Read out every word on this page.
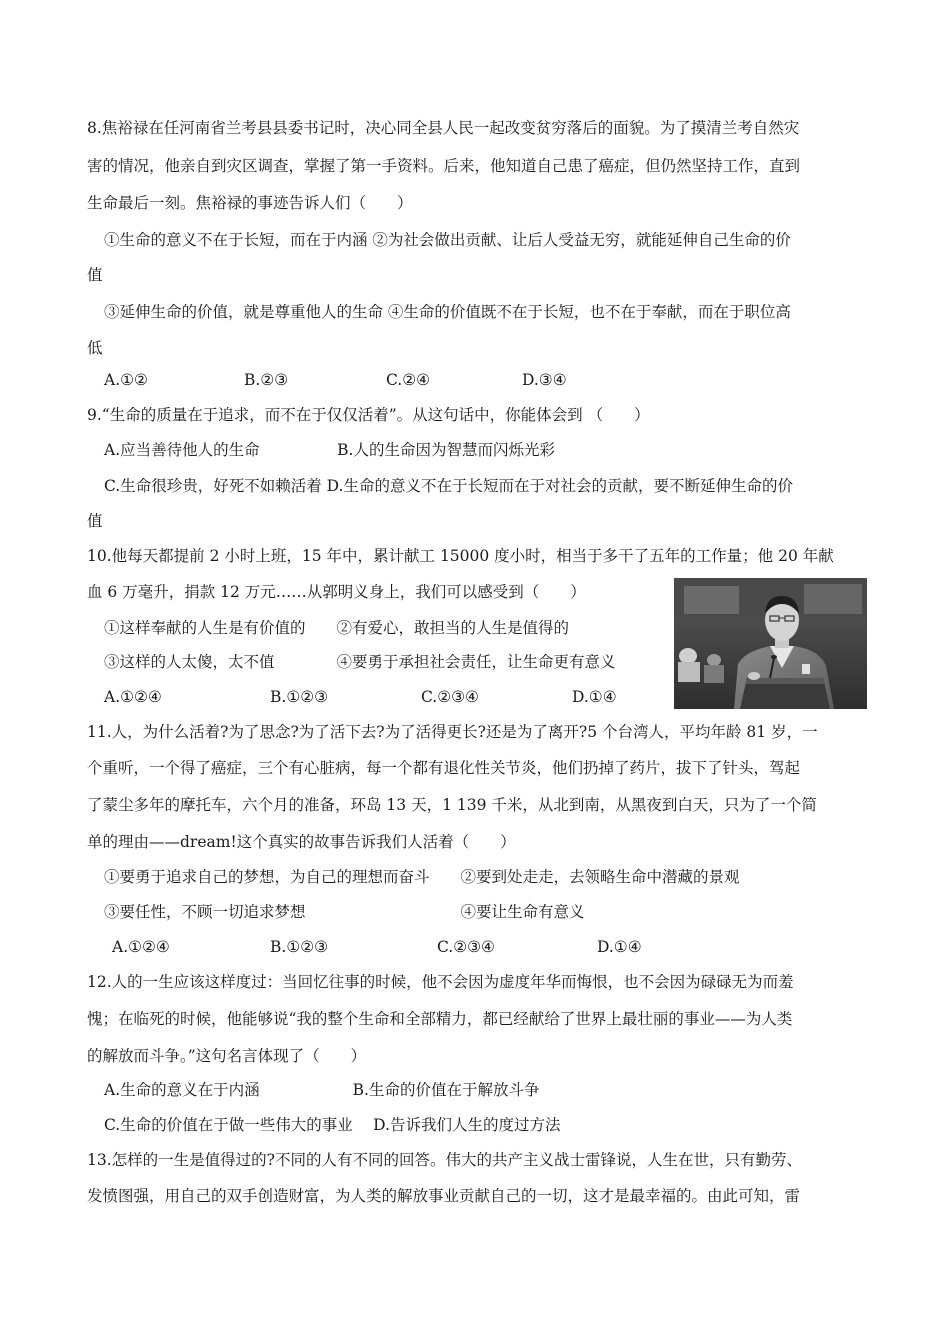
8.焦裕禄在任河南省兰考县县委书记时，决心同全县人民一起改变贫穷落后的面貌。为了摸清兰考自然灾
害的情况，他亲自到灾区调查，掌握了第一手资料。后来，他知道自己患了癌症，但仍然坚持工作，直到
生命最后一刻。焦裕禄的事迹告诉人们（　　）
①生命的意义不在于长短，而在于内涵 ②为社会做出贡献、让后人受益无穷，就能延伸自己生命的价
值
③延伸生命的价值，就是尊重他人的生命 ④生命的价值既不在于长短，也不在于奉献，而在于职位高
低
A.①②	B.②③	C.②④	D.③④
9.“生命的质量在于追求，而不在于仅仅活着”。从这句话中，你能体会到 （　　）
A.应当善待他人的生命　　　　　B.人的生命因为智慧而闪烁光彩
C.生命很珍贵，好死不如赖活着 D.生命的意义不在于长短而在于对社会的贡献，要不断延伸生命的价
值
10.他每天都提前 2 小时上班，15 年中，累计献工 15000 度小时，相当于多干了五年的工作量；他 20 年献
血 6 万毫升，捐款 12 万元……从郭明义身上，我们可以感受到（　　）
①这样奉献的人生是有价值的　　②有爱心，敢担当的人生是值得的
③这样的人太傻，太不值　　　　④要勇于承担社会责任，让生命更有意义
A.①②④	B.①②③	C.②③④	D.①④
11.人，为什么活着?为了思念?为了活下去?为了活得更长?还是为了离开?5 个台湾人，平均年龄 81 岁，一
个重听，一个得了癌症，三个有心脏病，每一个都有退化性关节炎，他们扔掉了药片，拔下了针头，驾起
了蒙尘多年的摩托车，六个月的准备，环岛 13 天，1 139 千米，从北到南，从黑夜到白天，只为了一个简
单的理由——dream!这个真实的故事告诉我们人活着（　　）
①要勇于追求自己的梦想，为自己的理想而奋斗　　②要到处走走，去领略生命中潜藏的景观
③要任性，不顾一切追求梦想　　　　　　　　　　④要让生命有意义
A.①②④	B.①②③	C.②③④	D.①④
12.人的一生应该这样度过：当回忆往事的时候，他不会因为虚度年华而悔恨，也不会因为碌碌无为而羞
愧；在临死的时候，他能够说“我的整个生命和全部精力，都已经献给了世界上最壮丽的事业——为人类
的解放而斗争。”这句名言体现了（　　）
A.生命的意义在于内涵　　　　　　B.生命的价值在于解放斗争
C.生命的价值在于做一些伟大的事业　 D.告诉我们人生的度过方法
13.怎样的一生是值得过的?不同的人有不同的回答。伟大的共产主义战士雷锋说，人生在世，只有勤劳、
发愤图强，用自己的双手创造财富，为人类的解放事业贡献自己的一切，这才是最幸福的。由此可知，雷
